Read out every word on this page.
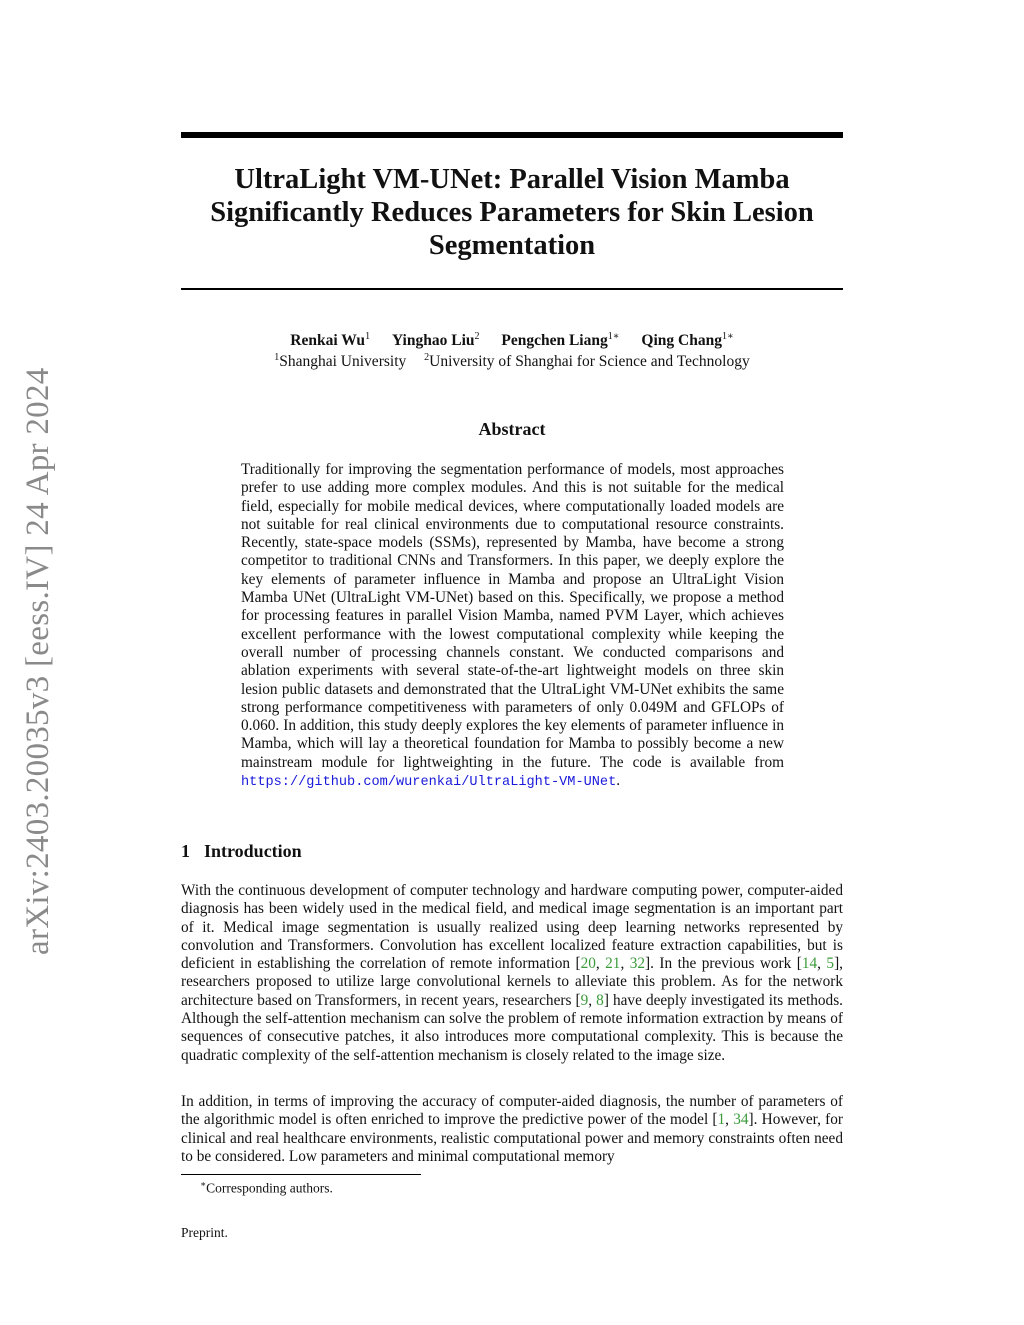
arXiv:2403.20035v3 [eess.IV] 24 Apr 2024
UltraLight VM-UNet: Parallel Vision Mamba
Significantly Reduces Parameters for Skin Lesion
Segmentation
Renkai Wu$^1$ Yinghao Liu$^2$ Pengchen Liang$^{1∗}$ Qing Chang$^{1∗}$
$^1$Shanghai University $^2$University of Shanghai for Science and Technology
Abstract

Traditionally for improving the segmentation performance of models, most approaches prefer to use adding more complex modules. And this is not suitable for the medical field, especially for mobile medical devices, where computationally loaded models are not suitable for real clinical environments due to computational resource constraints. Recently, state-space models (SSMs), represented by Mamba, have become a strong competitor to traditional CNNs and Transformers. In this paper, we deeply explore the key elements of parameter influence in Mamba and propose an UltraLight Vision Mamba UNet (UltraLight VM-UNet) based on this. Specifically, we propose a method for processing features in parallel Vision Mamba, named PVM Layer, which achieves excellent performance with the lowest computational complexity while keeping the overall number of processing channels constant. We conducted comparisons and ablation experiments with several state-of-the-art lightweight models on three skin lesion public datasets and demonstrated that the UltraLight VM-UNet exhibits the same strong performance competitiveness with parameters of only 0.049M and GFLOPs of 0.060. In addition, this study deeply explores the key elements of parameter influence in Mamba, which will lay a theoretical foundation for Mamba to possibly become a new mainstream module for lightweighting in the future. The code is available from https://github.com/wurenkai/UltraLight-VM-UNet.

1 Introduction

With the continuous development of computer technology and hardware computing power, computer-aided diagnosis has been widely used in the medical field, and medical image segmentation is an important part of it. Medical image segmentation is usually realized using deep learning networks represented by convolution and Transformers. Convolution has excellent localized feature extraction capabilities, but is deficient in establishing the correlation of remote information [20, 21, 32]. In the previous work [14, 5], researchers proposed to utilize large convolutional kernels to alleviate this problem. As for the network architecture based on Transformers, in recent years, researchers [9, 8] have deeply investigated its methods. Although the self-attention mechanism can solve the problem of remote information extraction by means of sequences of consecutive patches, it also introduces more computational complexity. This is because the quadratic complexity of the self-attention mechanism is closely related to the image size.

In addition, in terms of improving the accuracy of computer-aided diagnosis, the number of parameters of the algorithmic model is often enriched to improve the predictive power of the model [1, 34]. However, for clinical and real healthcare environments, realistic computational power and memory constraints often need to be considered. Low parameters and minimal computational memory

∗Corresponding authors.
Preprint.
